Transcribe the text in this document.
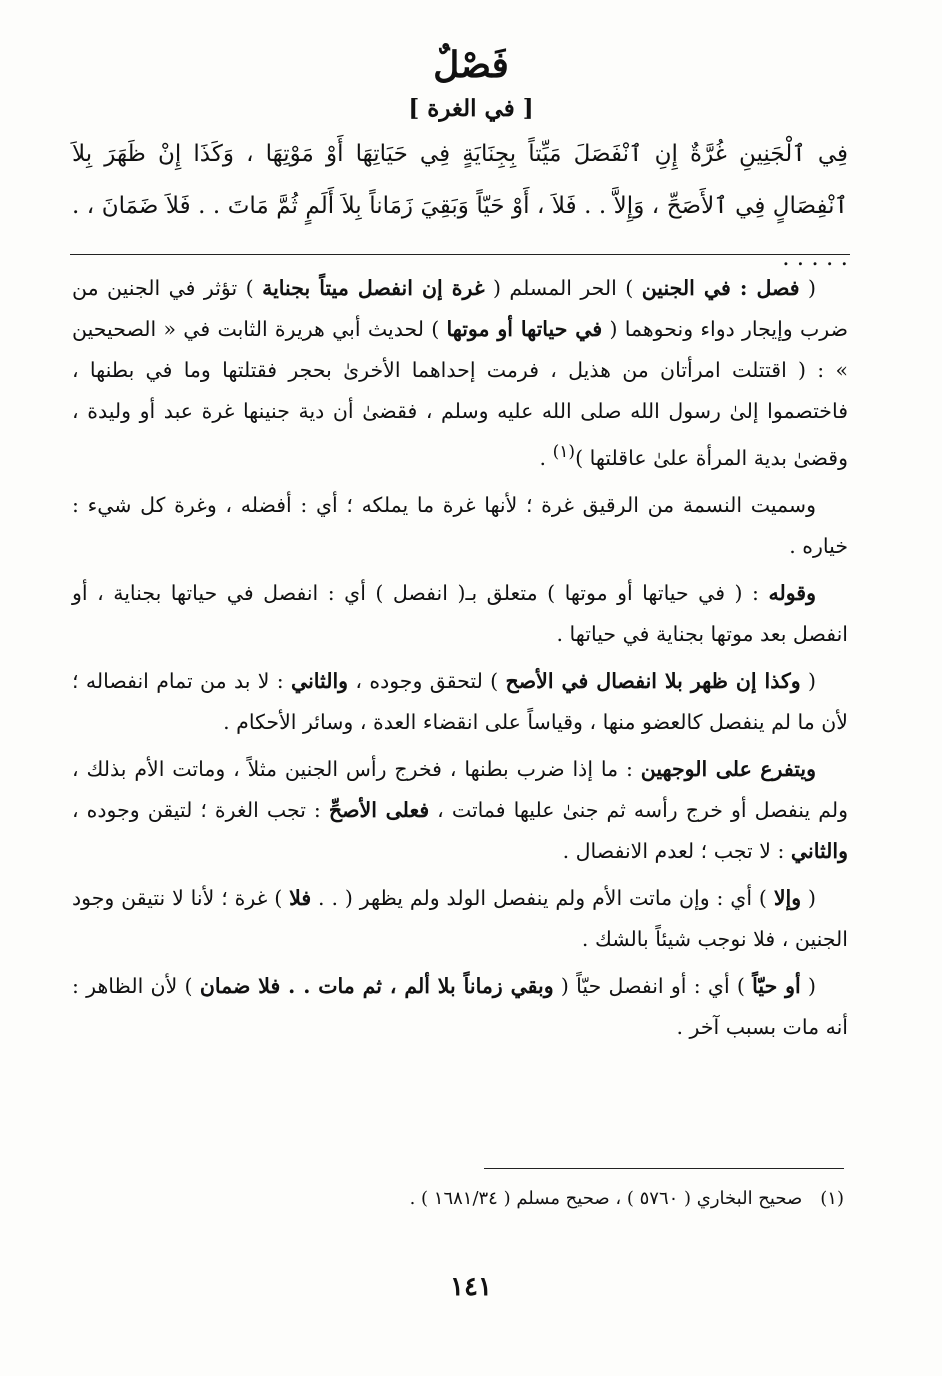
فَصْلٌ
[ في الغرة ]
فِي ٱلْجَنِينِ غُرَّةٌ إِنِ ٱنْفَصَلَ مَيِّتاً بِجِنَايَةٍ فِي حَيَاتِهَا أَوْ مَوْتِهَا ، وَكَذَا إِنْ ظَهَرَ بِلاَ ٱنْفِصَالٍ فِي ٱلأَصَحِّ ، وَإِلاَّ . . فَلاَ ، أَوْ حَيّاً وَبَقِيَ زَمَاناً بِلاَ أَلَمٍ ثُمَّ مَاتَ . . فَلاَ ضَمَانَ ، . . . . . .

( فصل : في الجنين ) الحر المسلم ( غرة إن انفصل ميتاً بجناية ) تؤثر في الجنين من ضرب وإيجار دواء ونحوهما ( في حياتها أو موتها ) لحديث أبي هريرة الثابت في « الصحيحين » : ( اقتتلت امرأتان من هذيل ، فرمت إحداهما الأخرىٰ بحجر فقتلتها وما في بطنها ، فاختصموا إلىٰ رسول الله صلى الله عليه وسلم ، فقضىٰ أن دية جنينها غرة عبد أو وليدة ، وقضىٰ بدية المرأة علىٰ عاقلتها )$^{(١)}$ .

وسميت النسمة من الرقيق غرة ؛ لأنها غرة ما يملكه ؛ أي : أفضله ، وغرة كل شيء : خياره .

وقوله : ( في حياتها أو موتها ) متعلق بـ( انفصل ) أي : انفصل في حياتها بجناية ، أو انفصل بعد موتها بجناية في حياتها .

( وكذا إن ظهر بلا انفصال في الأصح ) لتحقق وجوده ، والثاني : لا بد من تمام انفصاله ؛ لأن ما لم ينفصل كالعضو منها ، وقياساً على انقضاء العدة ، وسائر الأحكام .

ويتفرع على الوجهين : ما إذا ضرب بطنها ، فخرج رأس الجنين مثلاً ، وماتت الأم بذلك ، ولم ينفصل أو خرج رأسه ثم جنىٰ عليها فماتت ، فعلى الأصحِّ : تجب الغرة ؛ لتيقن وجوده ، والثاني : لا تجب ؛ لعدم الانفصال .

( وإلا ) أي : وإن ماتت الأم ولم ينفصل الولد ولم يظهر ( . . فلا ) غرة ؛ لأنا لا نتيقن وجود الجنين ، فلا نوجب شيئاً بالشك .

( أو حيّاً ) أي : أو انفصل حيّاً ( وبقي زماناً بلا ألم ، ثم مات . . فلا ضمان ) لأن الظاهر : أنه مات بسبب آخر .

(١)صحيح البخاري ( ٥٧٦٠ ) ، صحيح مسلم ( ١٦٨١/٣٤ ) .
١٤١
